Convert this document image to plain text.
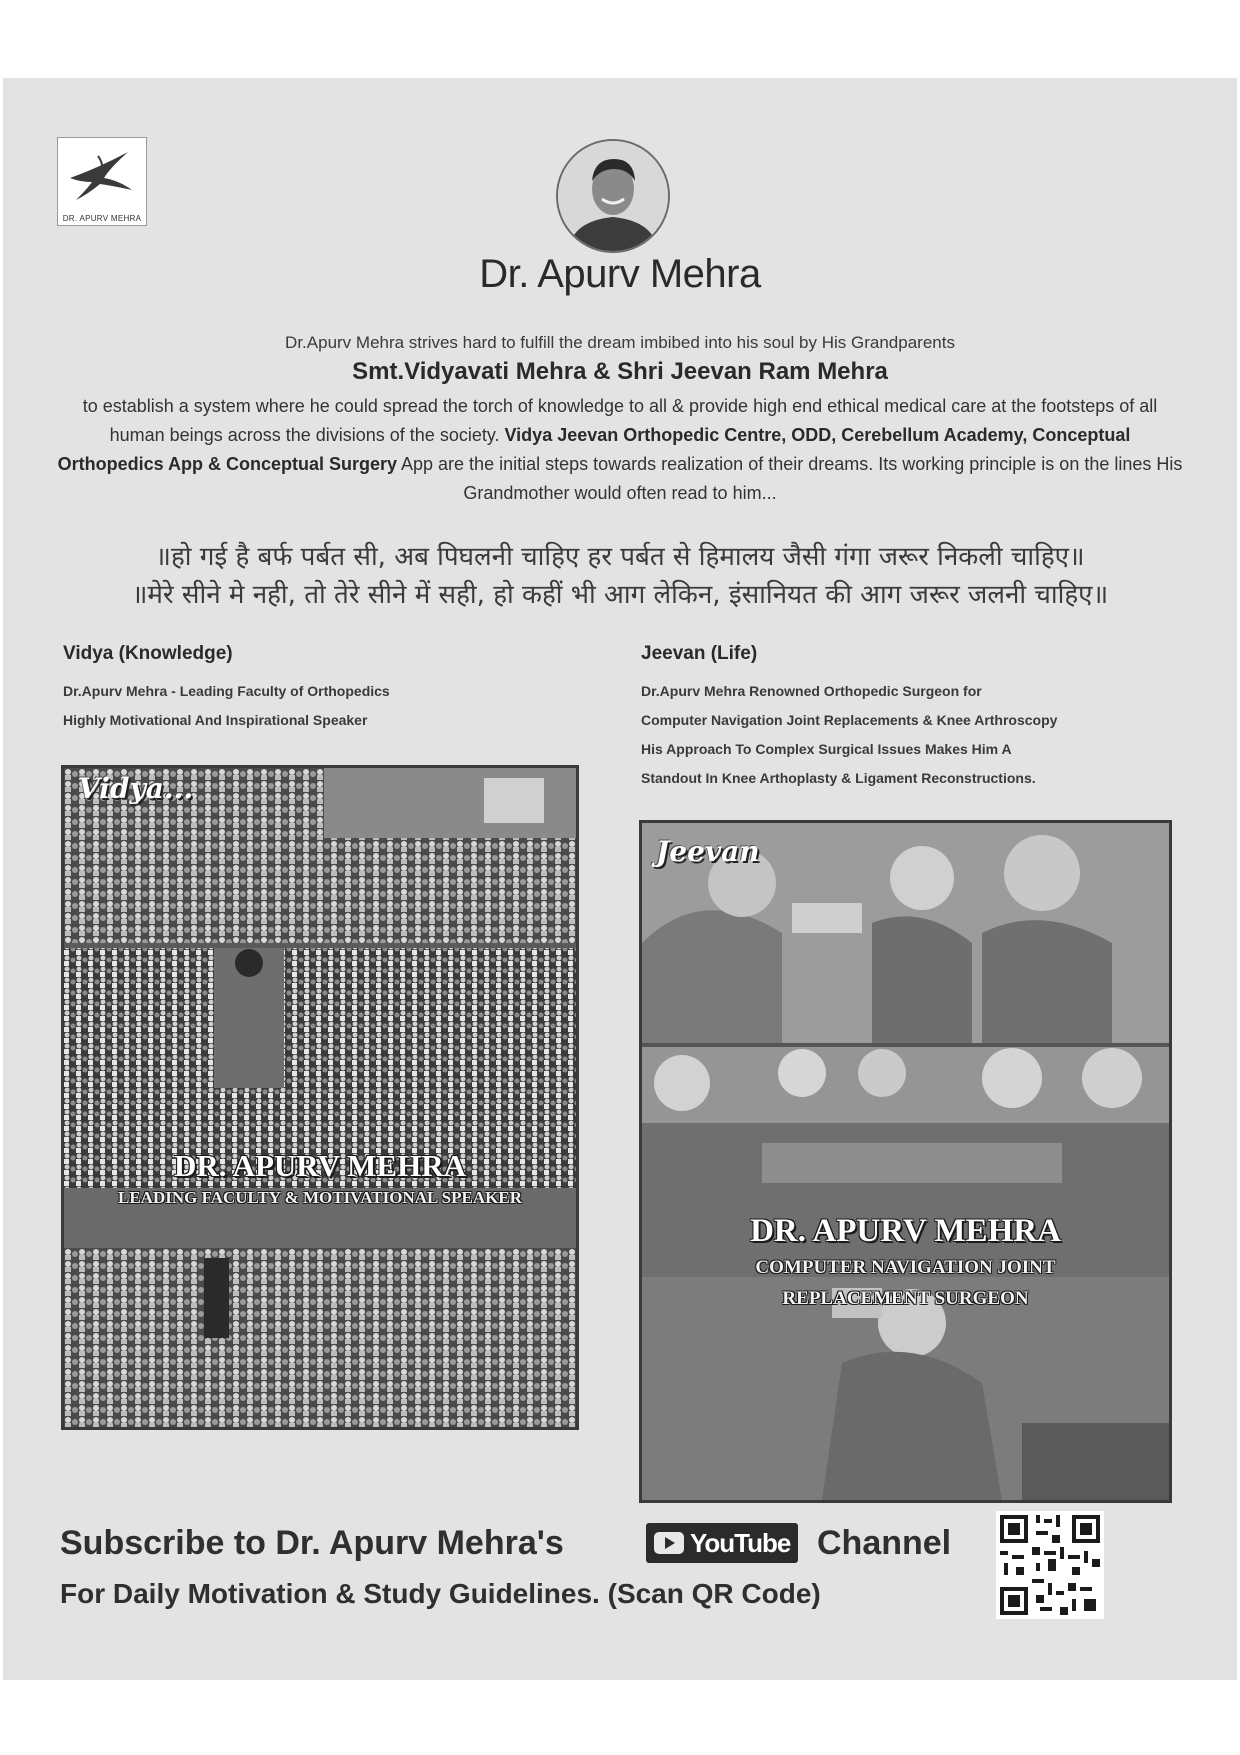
DR. APURV MEHRA
Dr. Apurv Mehra
Dr.Apurv Mehra strives hard to fulfill the dream imbibed into his soul by His Grandparents
Smt.Vidyavati Mehra & Shri Jeevan Ram Mehra
to establish a system where he could spread the torch of knowledge to all & provide high end ethical medical care at the footsteps of all human beings across the divisions of the society. Vidya Jeevan Orthopedic Centre, ODD, Cerebellum Academy, Conceptual Orthopedics App & Conceptual Surgery App are the initial steps towards realization of their dreams. Its working principle is on the lines His Grandmother would often read to him...
॥हो गई है बर्फ पर्बत सी, अब पिघलनी चाहिए हर पर्बत से हिमालय जैसी गंगा जरूर निकली चाहिए॥
॥मेरे सीने मे नही, तो तेरे सीने में सही, हो कहीं भी आग लेकिन, इंसानियत की आग जरूर जलनी चाहिए॥
Vidya (Knowledge)
Dr.Apurv Mehra - Leading Faculty of Orthopedics
Highly Motivational And Inspirational Speaker
Vidya...
DR. APURV MEHRA
LEADING FACULTY & MOTIVATIONAL SPEAKER
Jeevan (Life)
Dr.Apurv Mehra Renowned Orthopedic Surgeon for
Computer Navigation Joint Replacements & Knee Arthroscopy
His Approach To Complex Surgical Issues Makes Him A
Standout In Knee Arthoplasty & Ligament Reconstructions.
Jeevan
DR. APURV MEHRA
COMPUTER NAVIGATION JOINT
REPLACEMENT SURGEON
Subscribe to Dr. Apurv Mehra's	YouTube Channel
For Daily Motivation & Study Guidelines. (Scan QR Code)
